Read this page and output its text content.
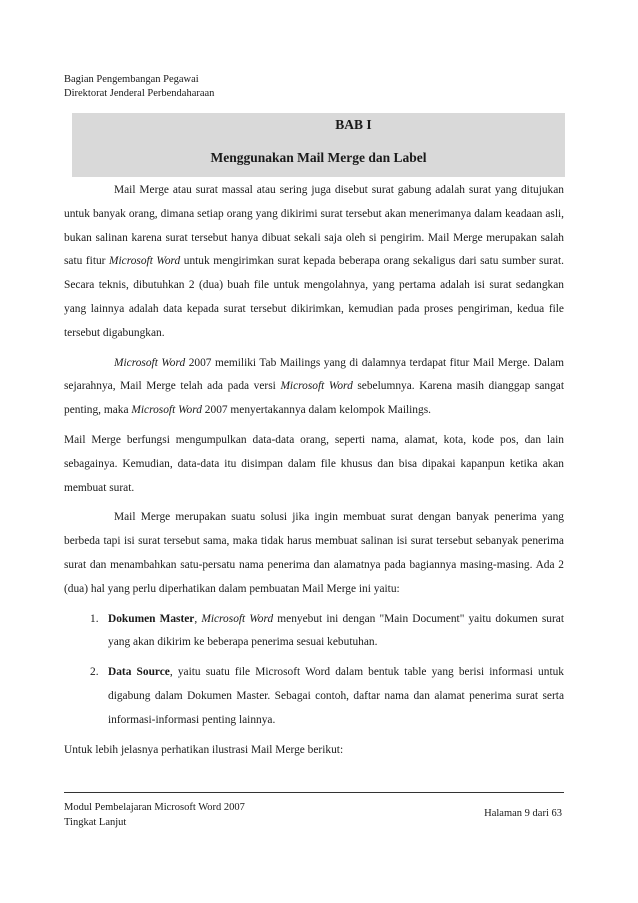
Bagian Pengembangan Pegawai
Direktorat Jenderal Perbendaharaan
BAB I
Menggunakan Mail Merge dan Label

Mail Merge atau surat massal atau sering juga disebut surat gabung adalah surat yang ditujukan untuk banyak orang, dimana setiap orang yang dikirimi surat tersebut akan menerimanya dalam keadaan asli, bukan salinan karena surat tersebut hanya dibuat sekali saja oleh si pengirim. Mail Merge merupakan salah satu fitur Microsoft Word untuk mengirimkan surat kepada beberapa orang sekaligus dari satu sumber surat. Secara teknis, dibutuhkan 2 (dua) buah file untuk mengolahnya, yang pertama adalah isi surat sedangkan yang lainnya adalah data kepada surat tersebut dikirimkan, kemudian pada proses pengiriman, kedua file tersebut digabungkan.

Microsoft Word 2007 memiliki Tab Mailings yang di dalamnya terdapat fitur Mail Merge. Dalam sejarahnya, Mail Merge telah ada pada versi Microsoft Word sebelumnya. Karena masih dianggap sangat penting, maka Microsoft Word 2007 menyertakannya dalam kelompok Mailings.

Mail Merge berfungsi mengumpulkan data-data orang, seperti nama, alamat, kota, kode pos, dan lain sebagainya. Kemudian, data-data itu disimpan dalam file khusus dan bisa dipakai kapanpun ketika akan membuat surat.

Mail Merge merupakan suatu solusi jika ingin membuat surat dengan banyak penerima yang berbeda tapi isi surat tersebut sama, maka tidak harus membuat salinan isi surat tersebut sebanyak penerima surat dan menambahkan satu-persatu nama penerima dan alamatnya pada bagiannya masing-masing. Ada 2 (dua) hal yang perlu diperhatikan dalam pembuatan Mail Merge ini yaitu:

1. Dokumen Master, Microsoft Word menyebut ini dengan "Main Document" yaitu dokumen surat yang akan dikirim ke beberapa penerima sesuai kebutuhan.
2. Data Source, yaitu suatu file Microsoft Word dalam bentuk table yang berisi informasi untuk digabung dalam Dokumen Master. Sebagai contoh, daftar nama dan alamat penerima surat serta informasi-informasi penting lainnya.

Untuk lebih jelasnya perhatikan ilustrasi Mail Merge berikut:

Modul Pembelajaran Microsoft Word 2007
Tingkat Lanjut
Halaman 9 dari 63
